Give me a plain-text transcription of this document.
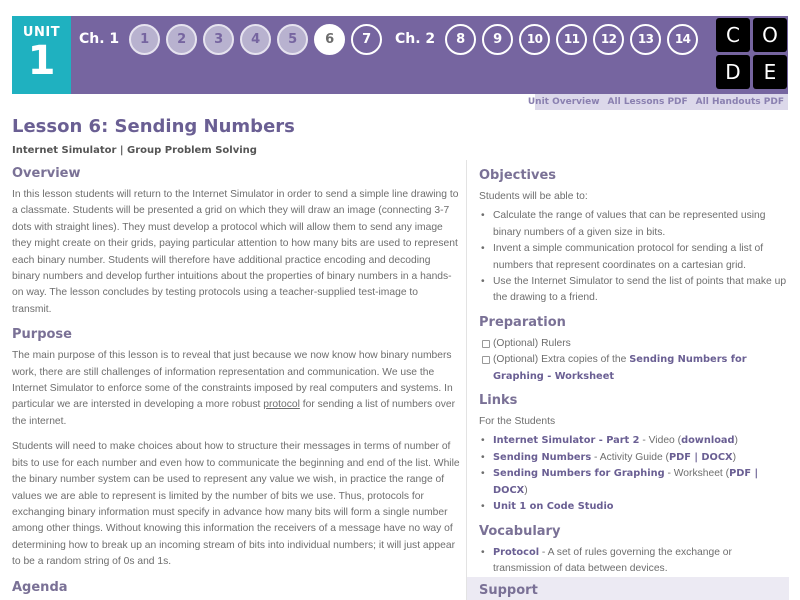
UNIT
1	Ch. 1	1	2	3	4	5	6	7	Ch. 2	8	9	10	11	12	13	14	C	O
D	E
Unit Overview All Lessons PDF All Handouts PDF
Lesson 6: Sending Numbers
Internet Simulator | Group Problem Solving
Overview

In this lesson students will return to the Internet Simulator in order to send a simple line drawing to a classmate. Students will be presented a grid on which they will draw an image (connecting 3-7 dots with straight lines). They must develop a protocol which will allow them to send any image they might create on their grids, paying particular attention to how many bits are used to represent each binary number. Students will therefore have additional practice encoding and decoding binary numbers and develop further intuitions about the properties of binary numbers in a hands-on way. The lesson concludes by testing protocols using a teacher-supplied test-image to transmit.

Purpose

The main purpose of this lesson is to reveal that just because we now know how binary numbers work, there are still challenges of information representation and communication. We use the Internet Simulator to enforce some of the constraints imposed by real computers and systems. In particular we are intersted in developing a more robust protocol for sending a list of numbers over the internet.

Students will need to make choices about how to structure their messages in terms of number of bits to use for each number and even how to communicate the beginning and end of the list. While the binary number system can be used to represent any value we wish, in practice the range of values we are able to represent is limited by the number of bits we use. Thus, protocols for exchanging binary information must specify in advance how many bits will form a single number among other things. Without knowing this information the receivers of a message have no way of determining how to break up an incoming stream of bits into individual numbers; it will just appear to be a random string of 0s and 1s.

Agenda
Objectives
Students will be able to:
• Calculate the range of values that can be represented using binary numbers of a given size in bits.
• Invent a simple communication protocol for sending a list of numbers that represent coordinates on a cartesian grid.
• Use the Internet Simulator to send the list of points that make up the drawing to a friend.
Preparation
(Optional) Rulers
(Optional) Extra copies of the Sending Numbers for Graphing - Worksheet
Links
For the Students
• Internet Simulator - Part 2 - Video (download)
• Sending Numbers - Activity Guide (PDF | DOCX)
• Sending Numbers for Graphing - Worksheet (PDF | DOCX)
• Unit 1 on Code Studio
Vocabulary
• Protocol - A set of rules governing the exchange or transmission of data between devices.
Support
